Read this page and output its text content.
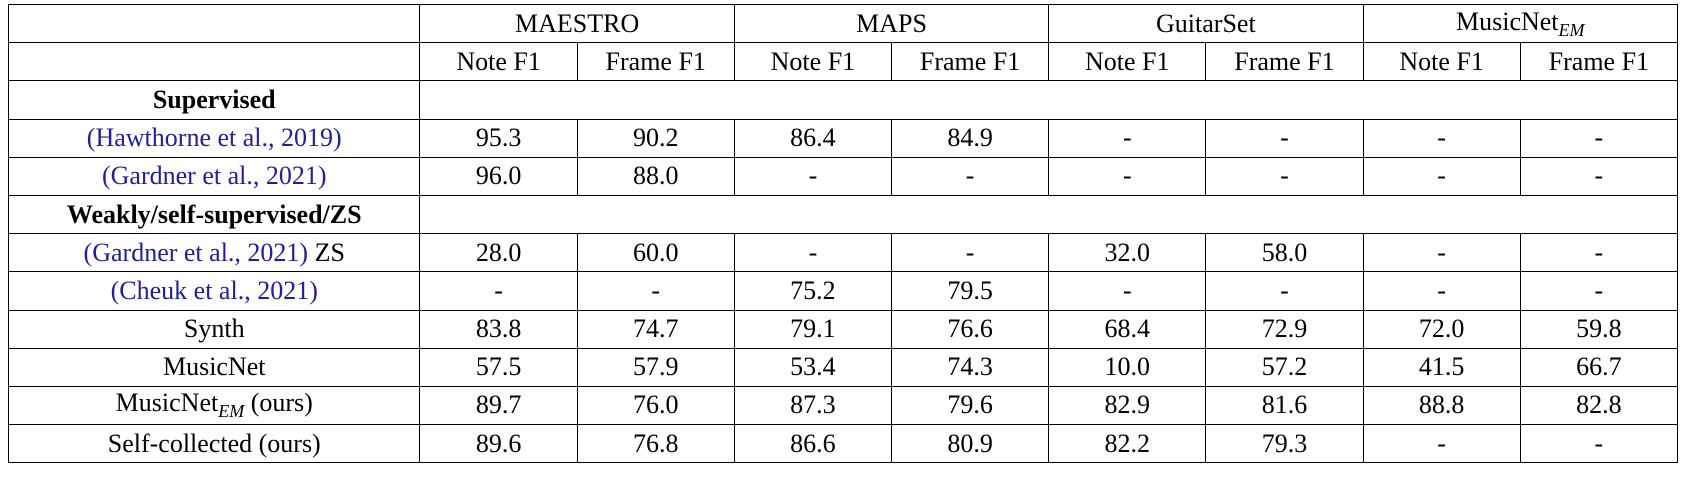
	MAESTRO		MAPS		GuitarSet		MusicNet$_{EM}$
	Note F1	Frame F1	Note F1	Frame F1	Note F1	Frame F1	Note F1	Frame F1
Supervised								
(Hawthorne et al., 2019)	95.3	90.2	86.4	84.9	-	-	-	-
(Gardner et al., 2021)	96.0	88.0	-	-	-	-	-	-
Weakly/self-supervised/ZS								
(Gardner et al., 2021) ZS	28.0	60.0	-	-	32.0	58.0	-	-
(Cheuk et al., 2021)	-	-	75.2	79.5	-	-	-	-
Synth	83.8	74.7	79.1	76.6	68.4	72.9	72.0	59.8
MusicNet	57.5	57.9	53.4	74.3	10.0	57.2	41.5	66.7
MusicNet$_{EM}$ (ours)	89.7	76.0	87.3	79.6	82.9	81.6	88.8	82.8
Self-collected (ours)	89.6	76.8	86.6	80.9	82.2	79.3	-	-
